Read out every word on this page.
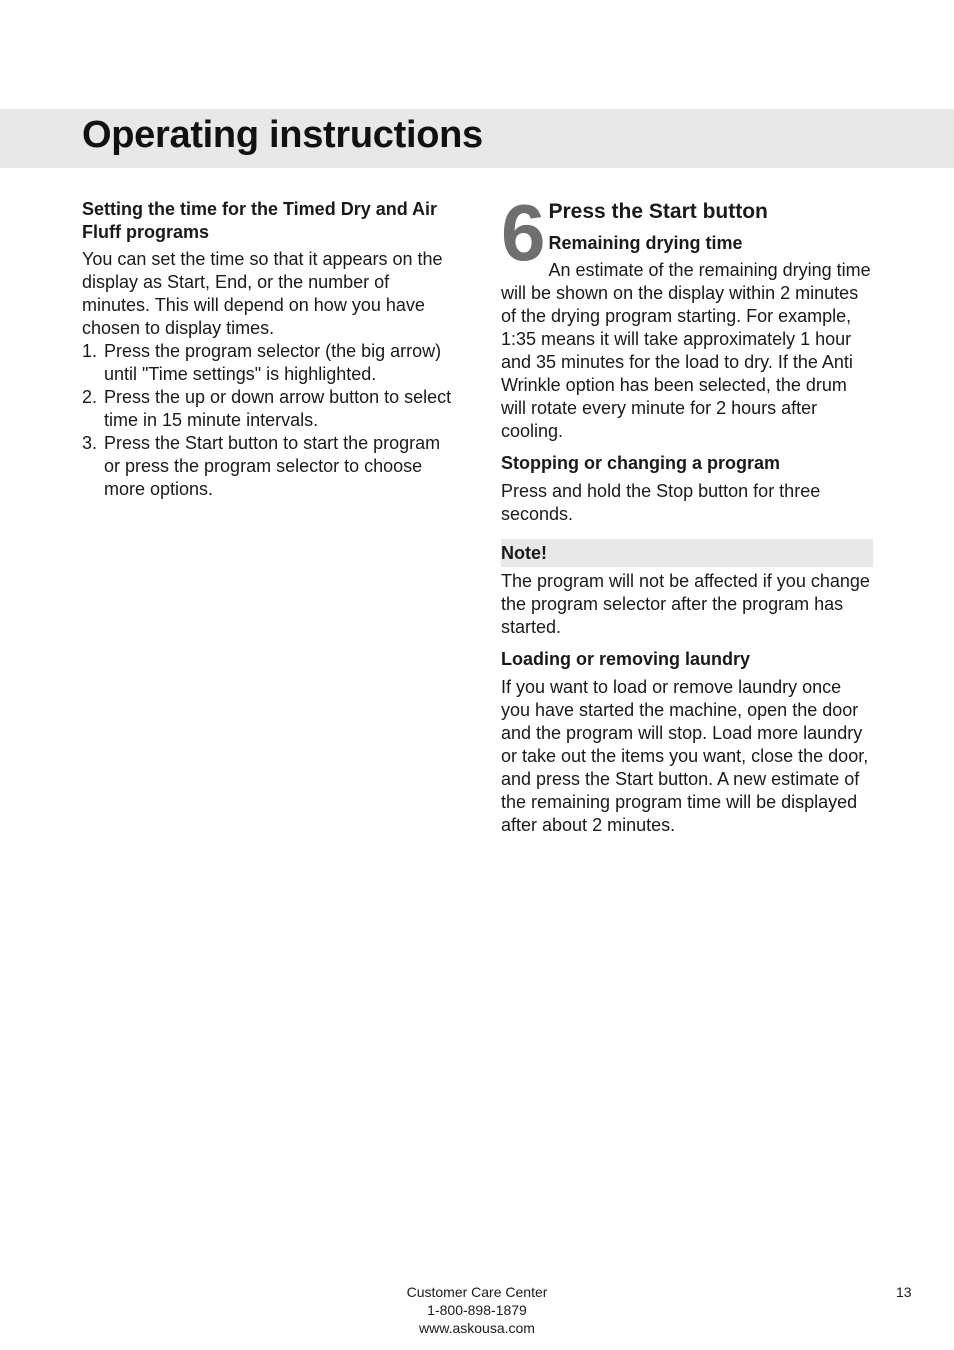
Operating instructions

Setting the time for the Timed Dry and Air Fluff programs

You can set the time so that it appears on the display as Start, End, or the number of minutes. This will depend on how you have chosen to display times.

1. Press the program selector (the big arrow) until "Time settings" is highlighted.
2. Press the up or down arrow button to select time in 15 minute intervals.
3. Press the Start button to start the program or press the program selector to choose more options.
6 Press the Start button

Remaining drying time

An estimate of the remaining drying time will be shown on the display within 2 minutes of the drying program starting. For example, 1:35 means it will take approximately 1 hour and 35 minutes for the load to dry. If the Anti Wrinkle option has been selected, the drum will rotate every minute for 2 hours after cooling.

Stopping or changing a program

Press and hold the Stop button for three seconds.

Note!

The program will not be affected if you change the program selector after the program has started.

Loading or removing laundry

If you want to load or remove laundry once you have started the machine, open the door and the program will stop. Load more laundry or take out the items you want, close the door, and press the Start button. A new estimate of the remaining program time will be displayed after about 2 minutes.

Customer Care Center
1-800-898-1879
www.askousa.com
13
